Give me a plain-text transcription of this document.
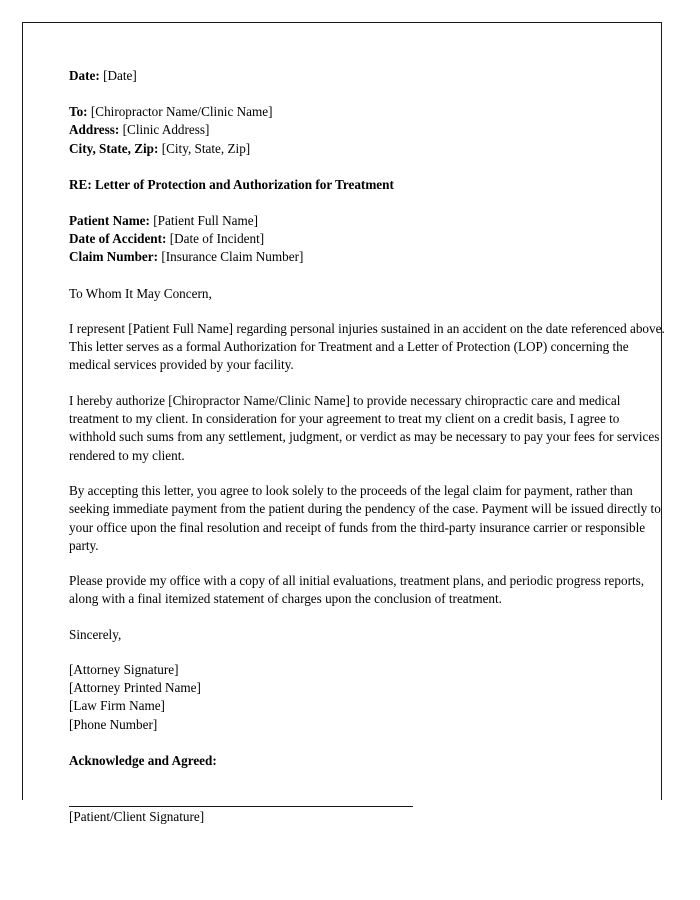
Date: [Date]
To: [Chiropractor Name/Clinic Name]
Address: [Clinic Address]
City, State, Zip: [City, State, Zip]
RE: Letter of Protection and Authorization for Treatment
Patient Name: [Patient Full Name]
Date of Accident: [Date of Incident]
Claim Number: [Insurance Claim Number]
To Whom It May Concern,
I represent [Patient Full Name] regarding personal injuries sustained in an accident on the date referenced above. This letter serves as a formal Authorization for Treatment and a Letter of Protection (LOP) concerning the medical services provided by your facility.
I hereby authorize [Chiropractor Name/Clinic Name] to provide necessary chiropractic care and medical treatment to my client. In consideration for your agreement to treat my client on a credit basis, I agree to withhold such sums from any settlement, judgment, or verdict as may be necessary to pay your fees for services rendered to my client.
By accepting this letter, you agree to look solely to the proceeds of the legal claim for payment, rather than seeking immediate payment from the patient during the pendency of the case. Payment will be issued directly to your office upon the final resolution and receipt of funds from the third-party insurance carrier or responsible party.
Please provide my office with a copy of all initial evaluations, treatment plans, and periodic progress reports, along with a final itemized statement of charges upon the conclusion of treatment.
Sincerely,
[Attorney Signature]
[Attorney Printed Name]
[Law Firm Name]
[Phone Number]
Acknowledge and Agreed:
[Patient/Client Signature]
